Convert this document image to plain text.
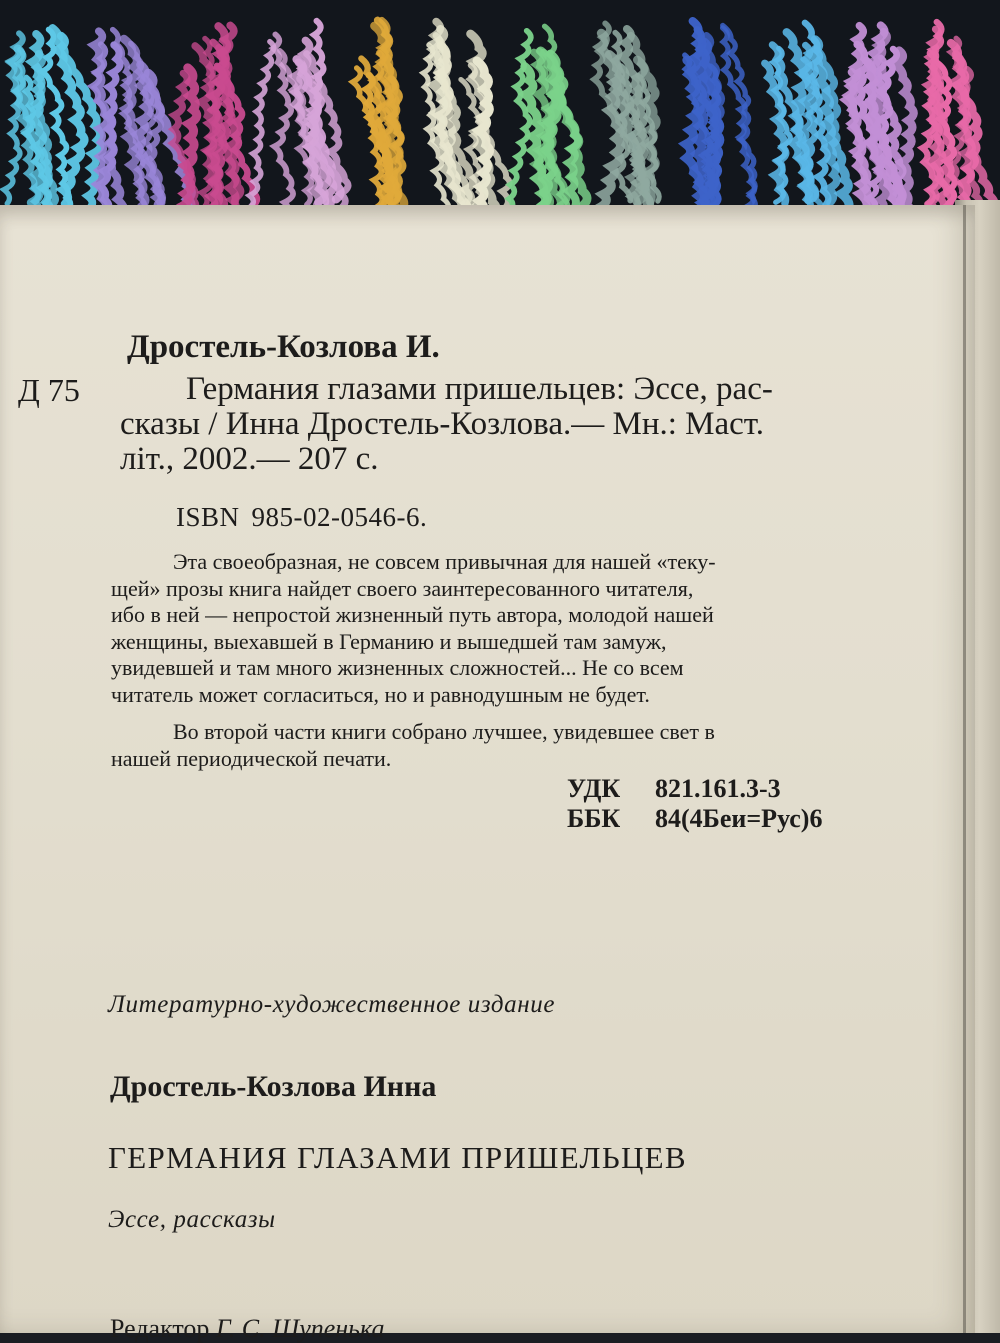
Дростель-Козлова И.
Д 75	Германия глазами пришельцев: Эссе, рас-
сказы / Инна Дростель-Козлова.— Мн.: Маст.
літ., 2002.— 207 с.
ISBN 985-02-0546-6.
Эта своеобразная, не совсем привычная для нашей «теку-
щей» прозы книга найдет своего заинтересованного читателя,
ибо в ней — непростой жизненный путь автора, молодой нашей
женщины, выехавшей в Германию и вышедшей там замуж,
увидевшей и там много жизненных сложностей... Не со всем
читатель может согласиться, но и равнодушным не будет.
Во второй части книги собрано лучшее, увидевшее свет в
нашей периодической печати.
УДК 821.161.3-3
ББК 84(4Беи=Рус)6
Литературно-художественное издание
Дростель-Козлова Инна
ГЕРМАНИЯ ГЛАЗАМИ ПРИШЕЛЬЦЕВ
Эссе, рассказы
Редактор Г. С. Шупенька
